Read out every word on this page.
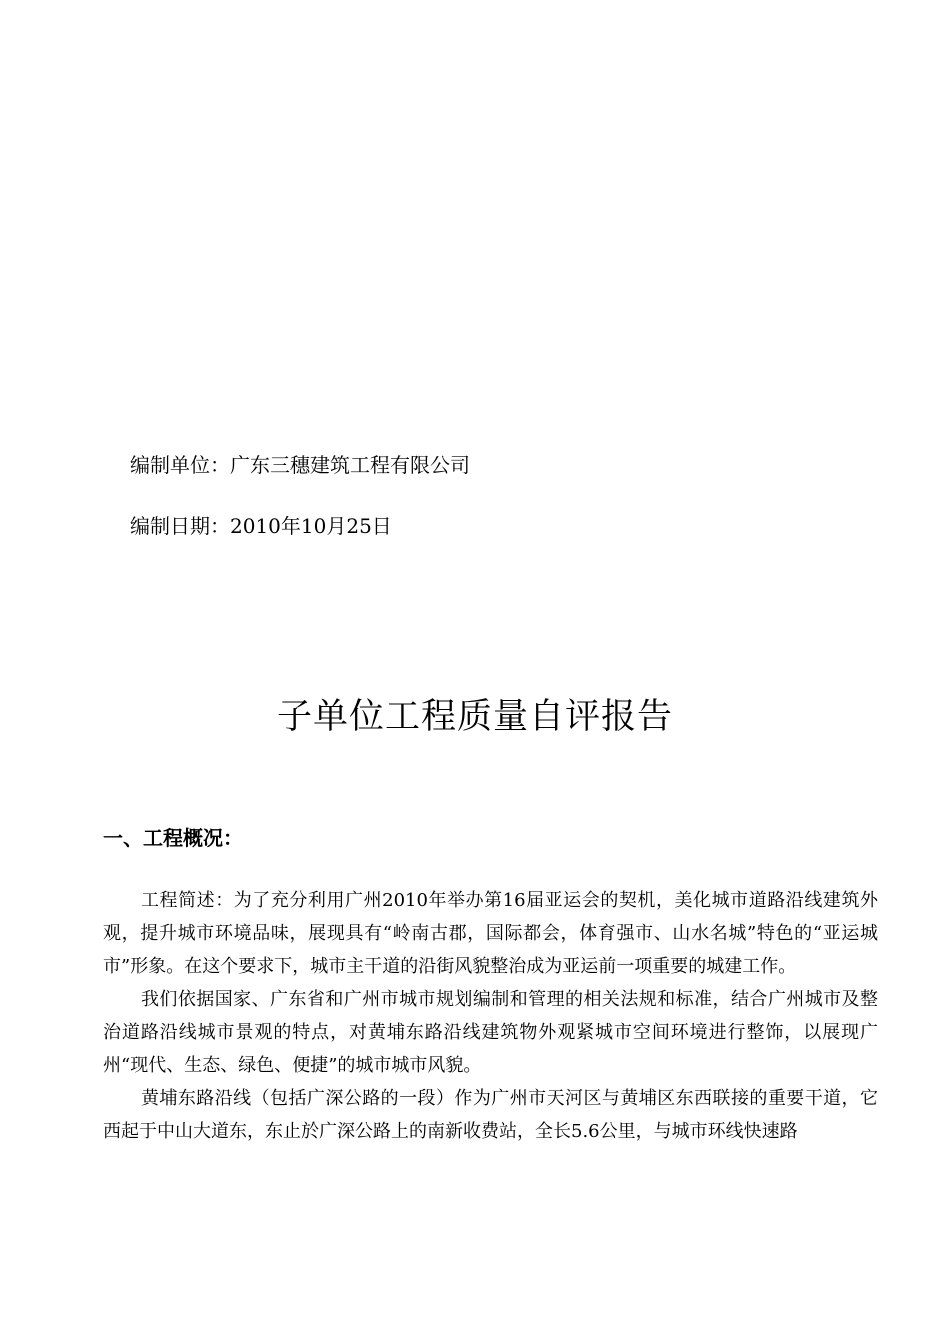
编制单位：广东三穗建筑工程有限公司
编制日期：2010年10月25日
子单位工程质量自评报告
一、工程概况：

工程简述：为了充分利用广州2010年举办第16届亚运会的契机，美化城市道路沿线建筑外观，提升城市环境品味，展现具有“岭南古郡，国际都会，体育强市、山水名城”特色的“亚运城市”形象。在这个要求下，城市主干道的沿街风貌整治成为亚运前一项重要的城建工作。

我们依据国家、广东省和广州市城市规划编制和管理的相关法规和标准，结合广州城市及整治道路沿线城市景观的特点，对黄埔东路沿线建筑物外观紧城市空间环境进行整饰，以展现广州“现代、生态、绿色、便捷”的城市城市风貌。

黄埔东路沿线（包括广深公路的一段）作为广州市天河区与黄埔区东西联接的重要干道，它西起于中山大道东，东止於广深公路上的南新收费站，全长5.6公里，与城市环线快速路
